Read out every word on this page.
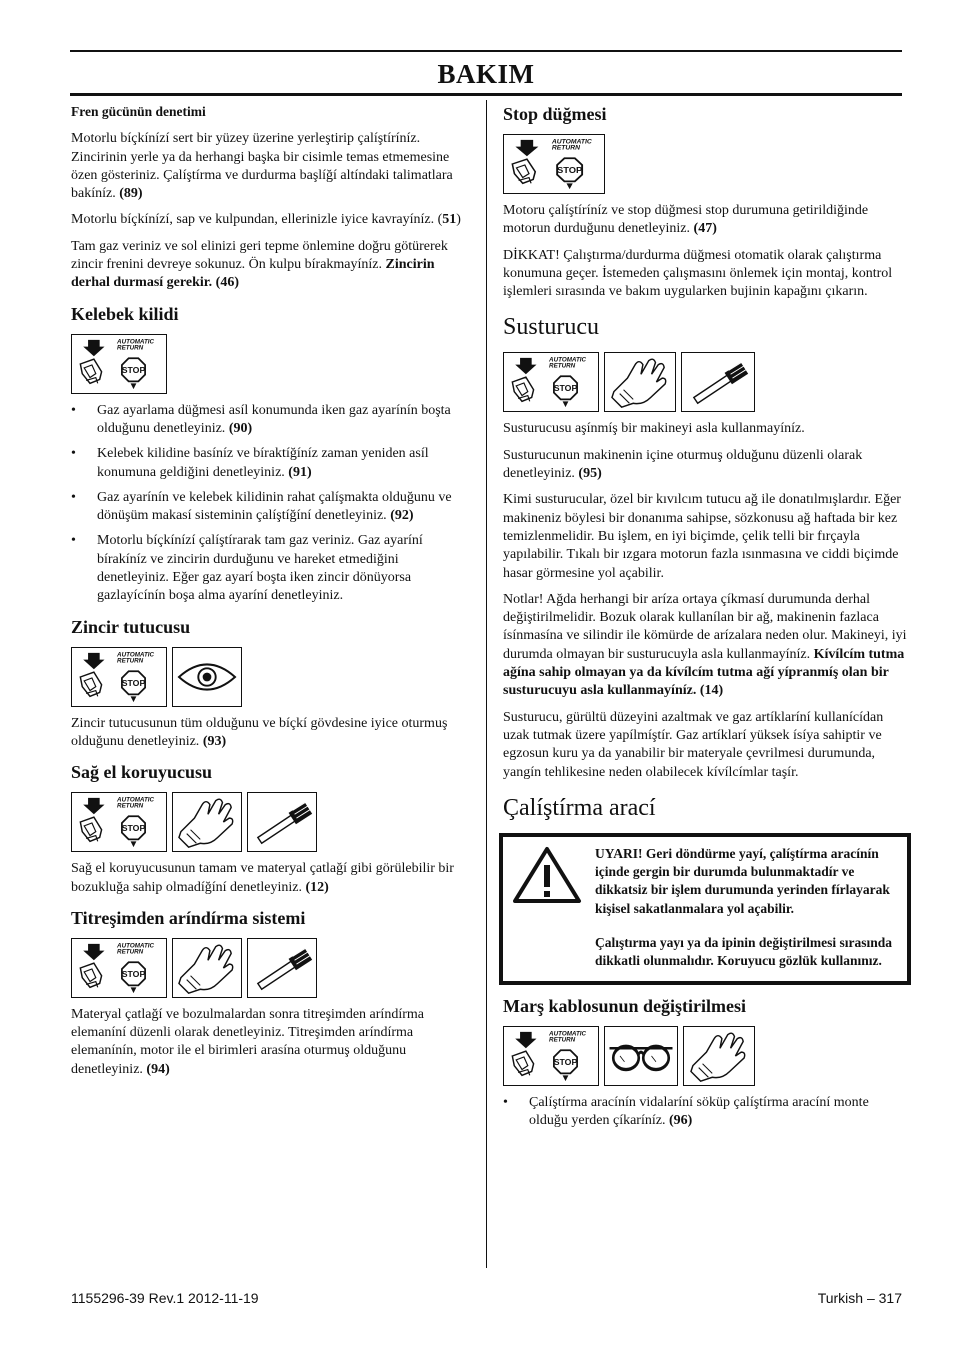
BAKIM
Fren gücünün denetimi

Motorlu bíçkínízí sert bir yüzey üzerine yerleştirip çalíştíríníz. Zincirinin yerle ya da herhangi başka bir cisimle temas etmemesine özen gösteriniz. Çalíştírma ve durdurma başlíğí altíndaki talimatlara bakíníz. (89)

Motorlu bíçkínízí, sap ve kulpundan, ellerinizle iyice kavrayíníz. (51)

Tam gaz veriniz ve sol elinizi geri tepme önlemine doğru götürerek zincir frenini devreye sokunuz. Ön kulpu bírakmayíníz. Zincirin derhal durmasí gerekir. (46)

Kelebek kilidi
• Gaz ayarlama düğmesi asíl konumunda iken gaz ayarínín boşta olduğunu denetleyiniz. (90)
• Kelebek kilidine basíníz ve bíraktíğíníz zaman yeniden asíl konumuna geldiğini denetleyiniz. (91)
• Gaz ayarínín ve kelebek kilidinin rahat çalíşmakta olduğunu ve dönüşüm makasí sisteminin çalíştíğíní denetleyiniz. (92)
• Motorlu bíçkínízí çalíştírarak tam gaz veriniz. Gaz ayaríní bírakíníz ve zincirin durduğunu ve hareket etmediğini denetleyiniz. Eğer gaz ayarí boşta iken zincir dönüyorsa gazlayícínín boşa alma ayaríní denetleyiniz.
Zincir tutucusu

Zincir tutucusunun tüm olduğunu ve bíçkí gövdesine iyice oturmuş olduğunu denetleyiniz. (93)

Sağ el koruyucusu

Sağ el koruyucusunun tamam ve materyal çatlağí gibi görülebilir bir bozukluğa sahip olmadíğíní denetleyiniz. (12)

Titreşimden aríndírma sistemi

Materyal çatlağí ve bozulmalardan sonra titreşimden aríndírma elemaníní düzenli olarak denetleyiniz. Titreşimden aríndírma elemanínín, motor ile el birimleri arasína oturmuş olduğunu denetleyiniz. (94)

Stop düğmesi

Motoru çalíştíríníz ve stop düğmesi stop durumuna getirildiğinde motorun durduğunu denetleyiniz. (47)

DİKKAT! Çalıştırma/durdurma düğmesi otomatik olarak çalıştırma konumuna geçer. İstemeden çalışmasını önlemek için montaj, kontrol işlemleri sırasında ve bakım uygularken bujinin kapağını çıkarın.

Susturucu

Susturucusu aşínmíş bir makineyi asla kullanmayíníz.

Susturucunun makinenin içine oturmuş olduğunu düzenli olarak denetleyiniz. (95)

Kimi susturucular, özel bir kıvılcım tutucu ağ ile donatılmışlardır. Eğer makineniz böylesi bir donanıma sahipse, sözkonusu ağ haftada bir kez temizlenmelidir. Bu işlem, en iyi biçimde, çelik telli bir fırçayla yapılabilir. Tıkalı bir ızgara motorun fazla ısınmasına ve ciddi biçimde hasar görmesine yol açabilir.

Notlar! Ağda herhangi bir aríza ortaya çíkmasí durumunda derhal değiştirilmelidir. Bozuk olarak kullanílan bir ağ, makinenin fazlaca ísínmasína ve silindir ile kömürde de arízalara neden olur. Makineyi, iyi durumda olmayan bir susturucuyla asla kullanmayíníz. Kívílcím tutma ağína sahip olmayan ya da kívílcím tutma ağí yípranmíş olan bir susturucuyu asla kullanmayíníz. (14)

Susturucu, gürültü düzeyini azaltmak ve gaz artíklaríní kullanícídan uzak tutmak üzere yapílmíştír. Gaz artíklarí yüksek ísíya sahiptir ve egzosun kuru ya da yanabilir bir materyale çevrilmesi durumunda, yangín tehlikesine neden olabilecek kívílcímlar taşír.

Çalíştírma arací

UYARI! Geri döndürme yayí, çalíştírma aracínín içinde gergin bir durumda bulunmaktadír ve dikkatsiz bir işlem durumunda yerinden fírlayarak kişisel sakatlanmalara yol açabilir.

Çalıştırma yayı ya da ipinin değiştirilmesi sırasında dikkatli olunmalıdır. Koruyucu gözlük kullanınız.

Marş kablosunun değiştirilmesi
• Çalíştírma aracínín vidalaríní söküp çalíştírma aracíní monte olduğu yerden çíkaríníz. (96)
1155296-39 Rev.1 2012-11-19	Turkish – 317
